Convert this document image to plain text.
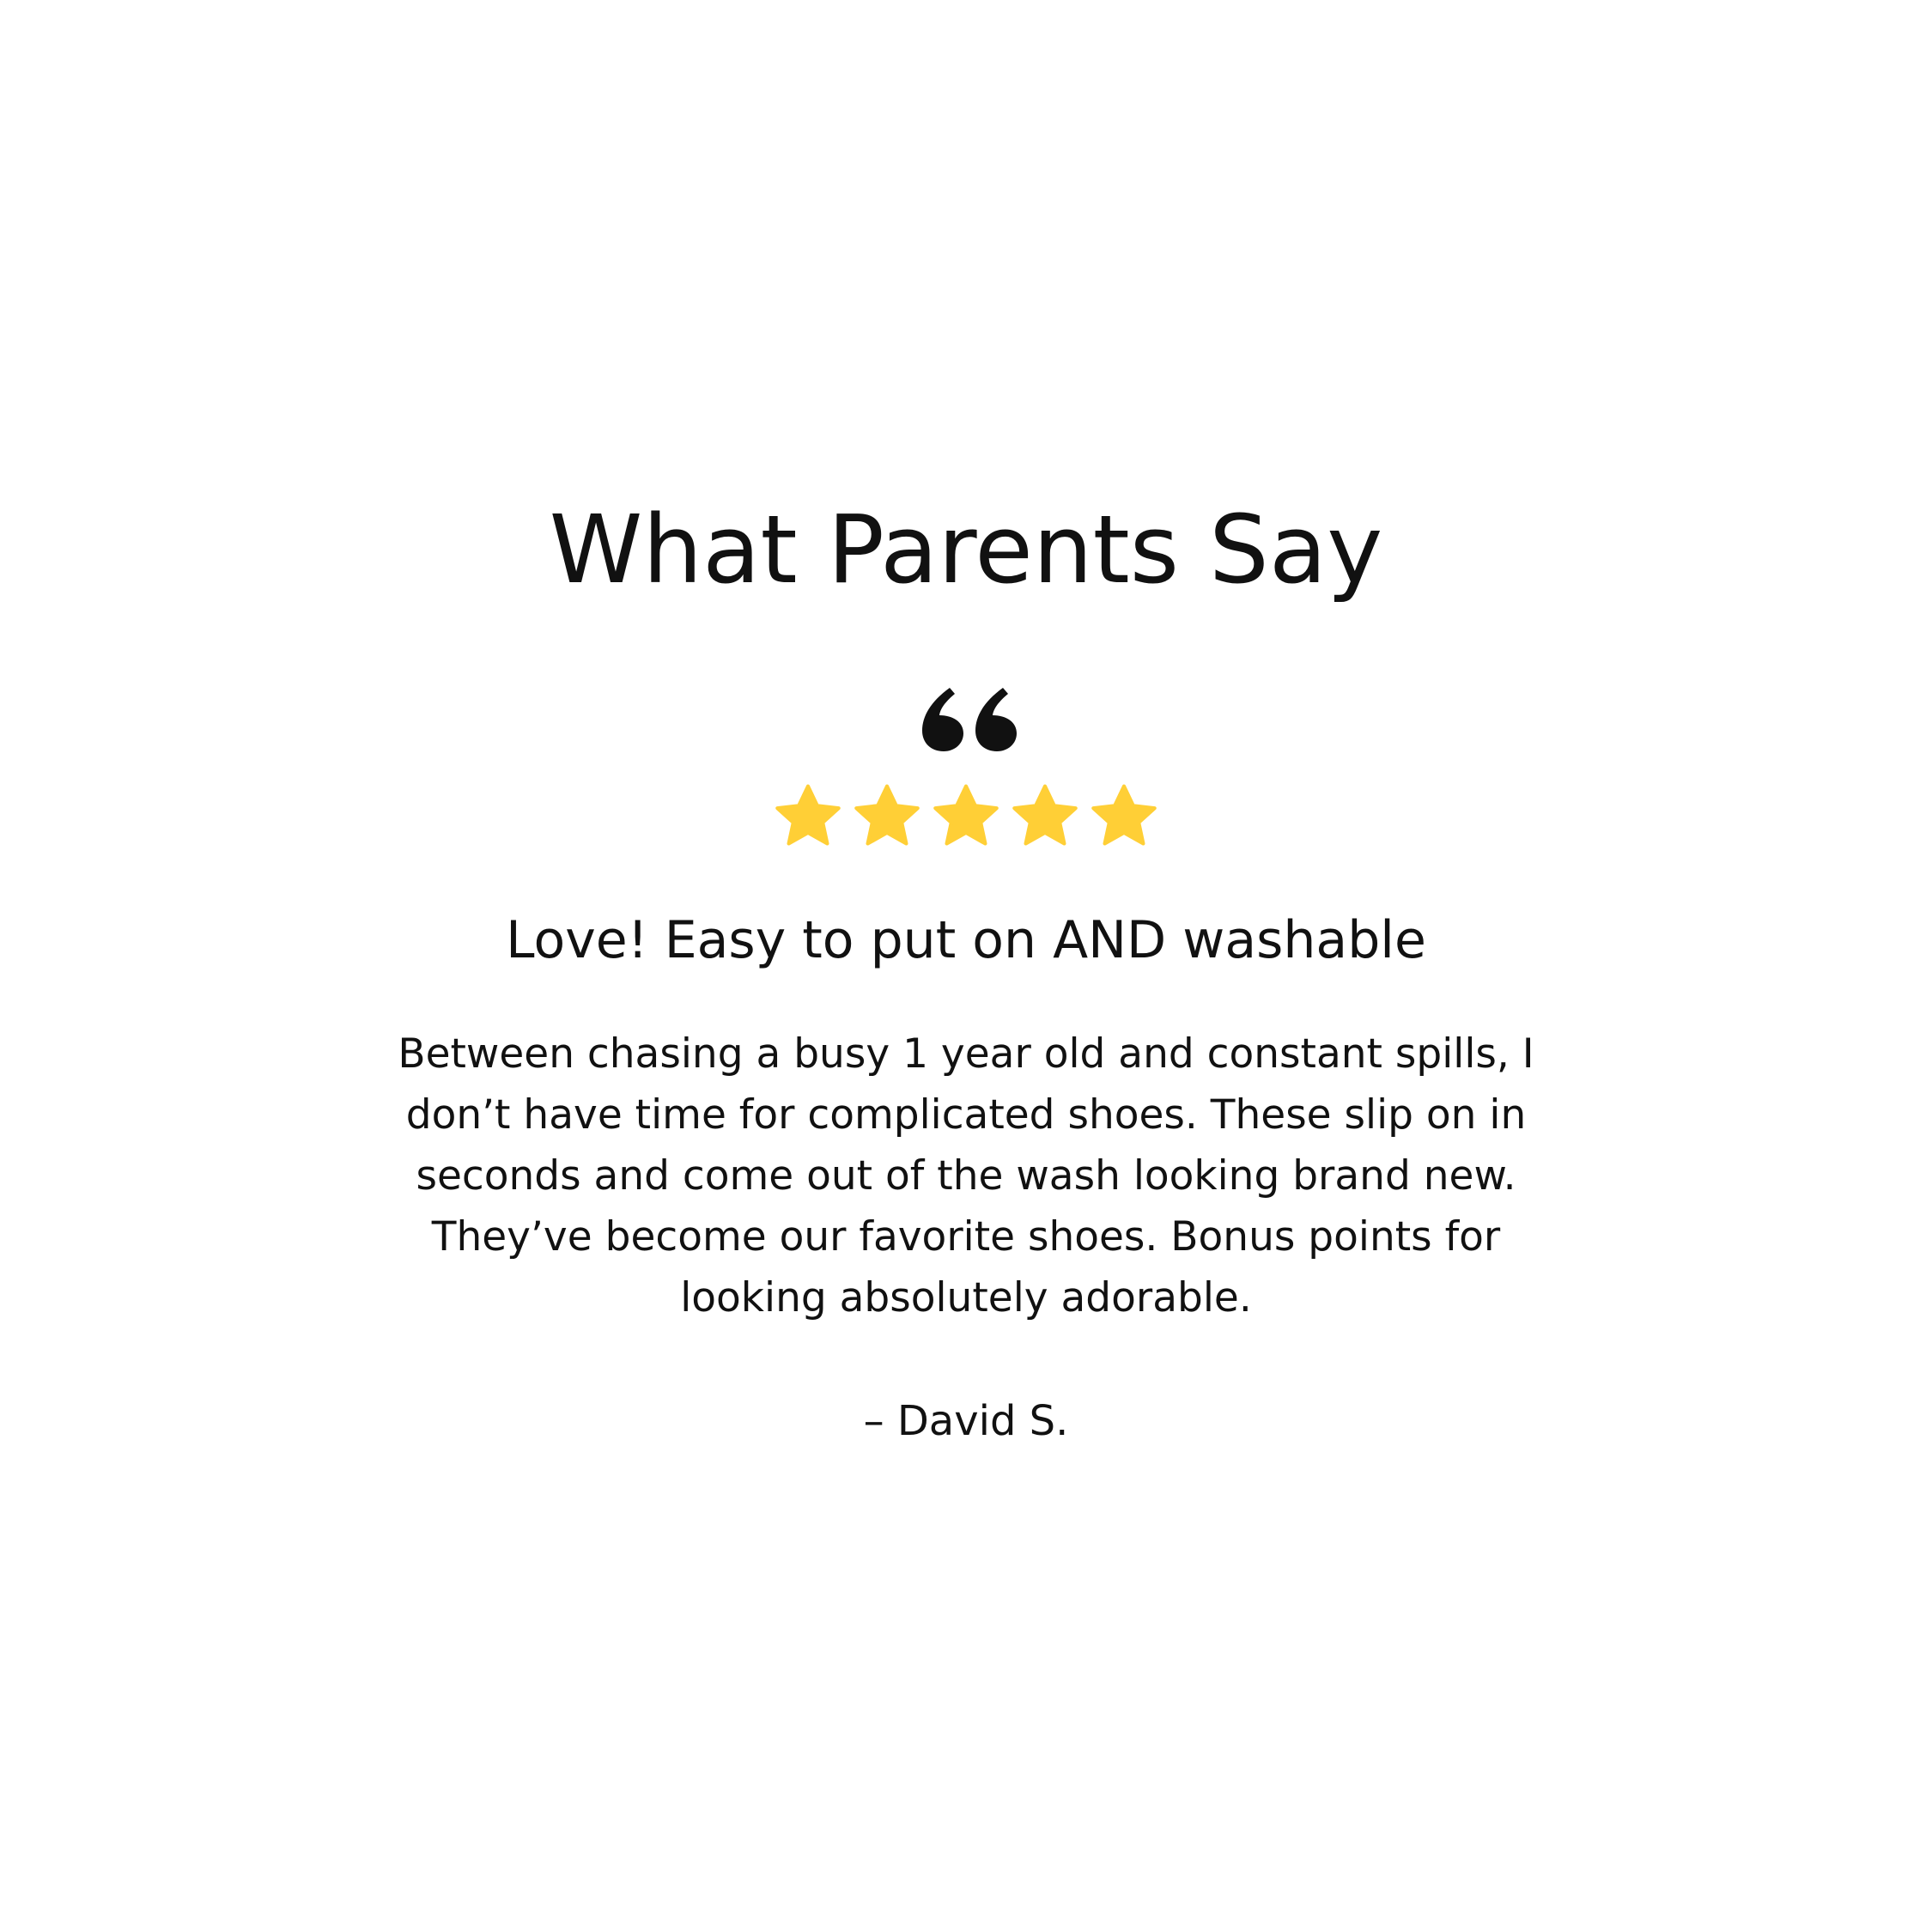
What Parents Say
Love! Easy to put on AND washable

Between chasing a busy 1 year old and constant spills, I don’t have time for complicated shoes. These slip on in seconds and come out of the wash looking brand new. They’ve become our favorite shoes. Bonus points for looking absolutely adorable.

– David S.
